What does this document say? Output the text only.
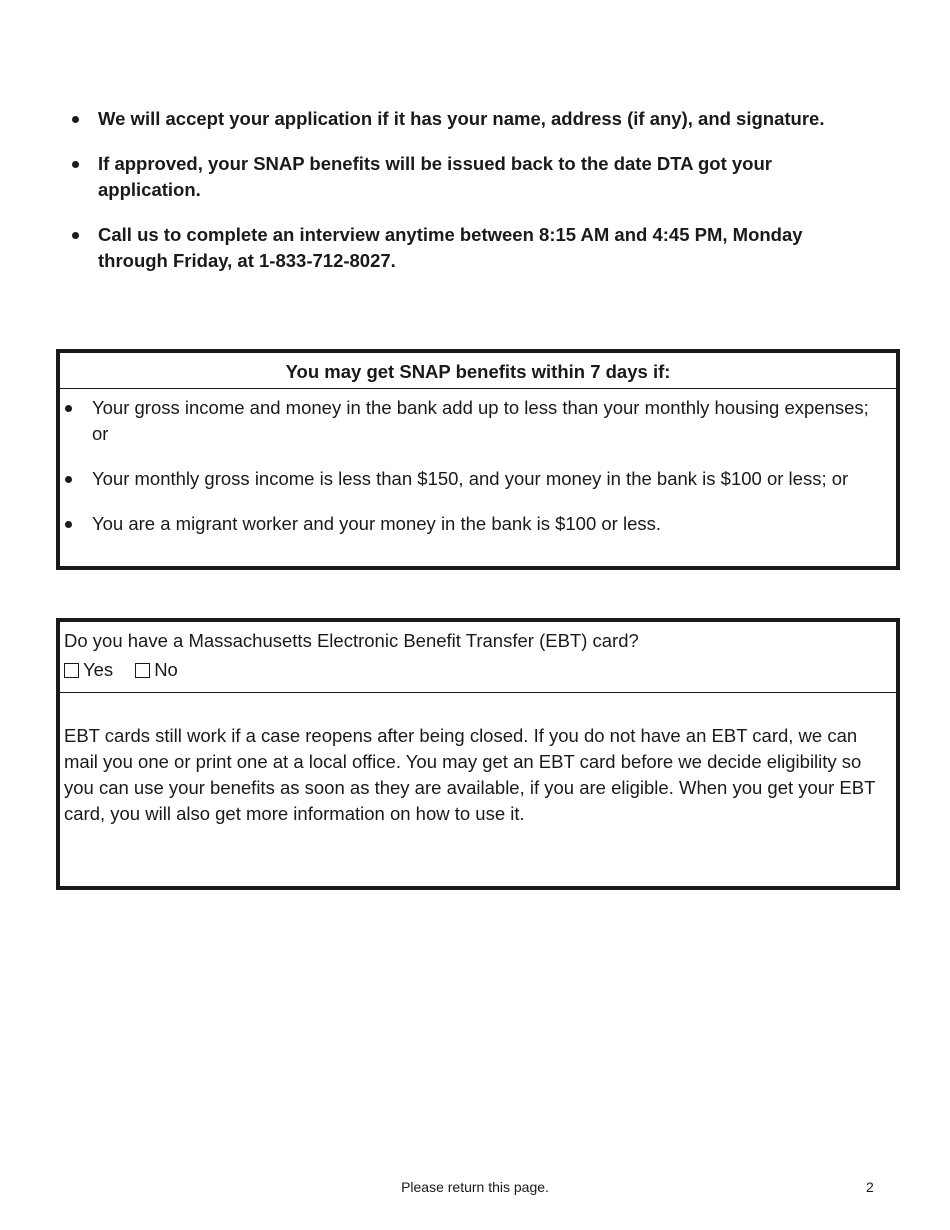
We will accept your application if it has your name, address (if any), and signature.
If approved, your SNAP benefits will be issued back to the date DTA got your application.
Call us to complete an interview anytime between 8:15 AM and 4:45 PM, Monday through Friday, at 1-833-712-8027.
You may get SNAP benefits within 7 days if:
Your gross income and money in the bank add up to less than your monthly housing expenses; or
Your monthly gross income is less than $150, and your money in the bank is $100 or less; or
You are a migrant worker and your money in the bank is $100 or less.
Do you have a Massachusetts Electronic Benefit Transfer (EBT) card?
Yes No
EBT cards still work if a case reopens after being closed. If you do not have an EBT card, we can mail you one or print one at a local office. You may get an EBT card before we decide eligibility so you can use your benefits as soon as they are available, if you are eligible. When you get your EBT card, you will also get more information on how to use it.
Please return this page.	2
